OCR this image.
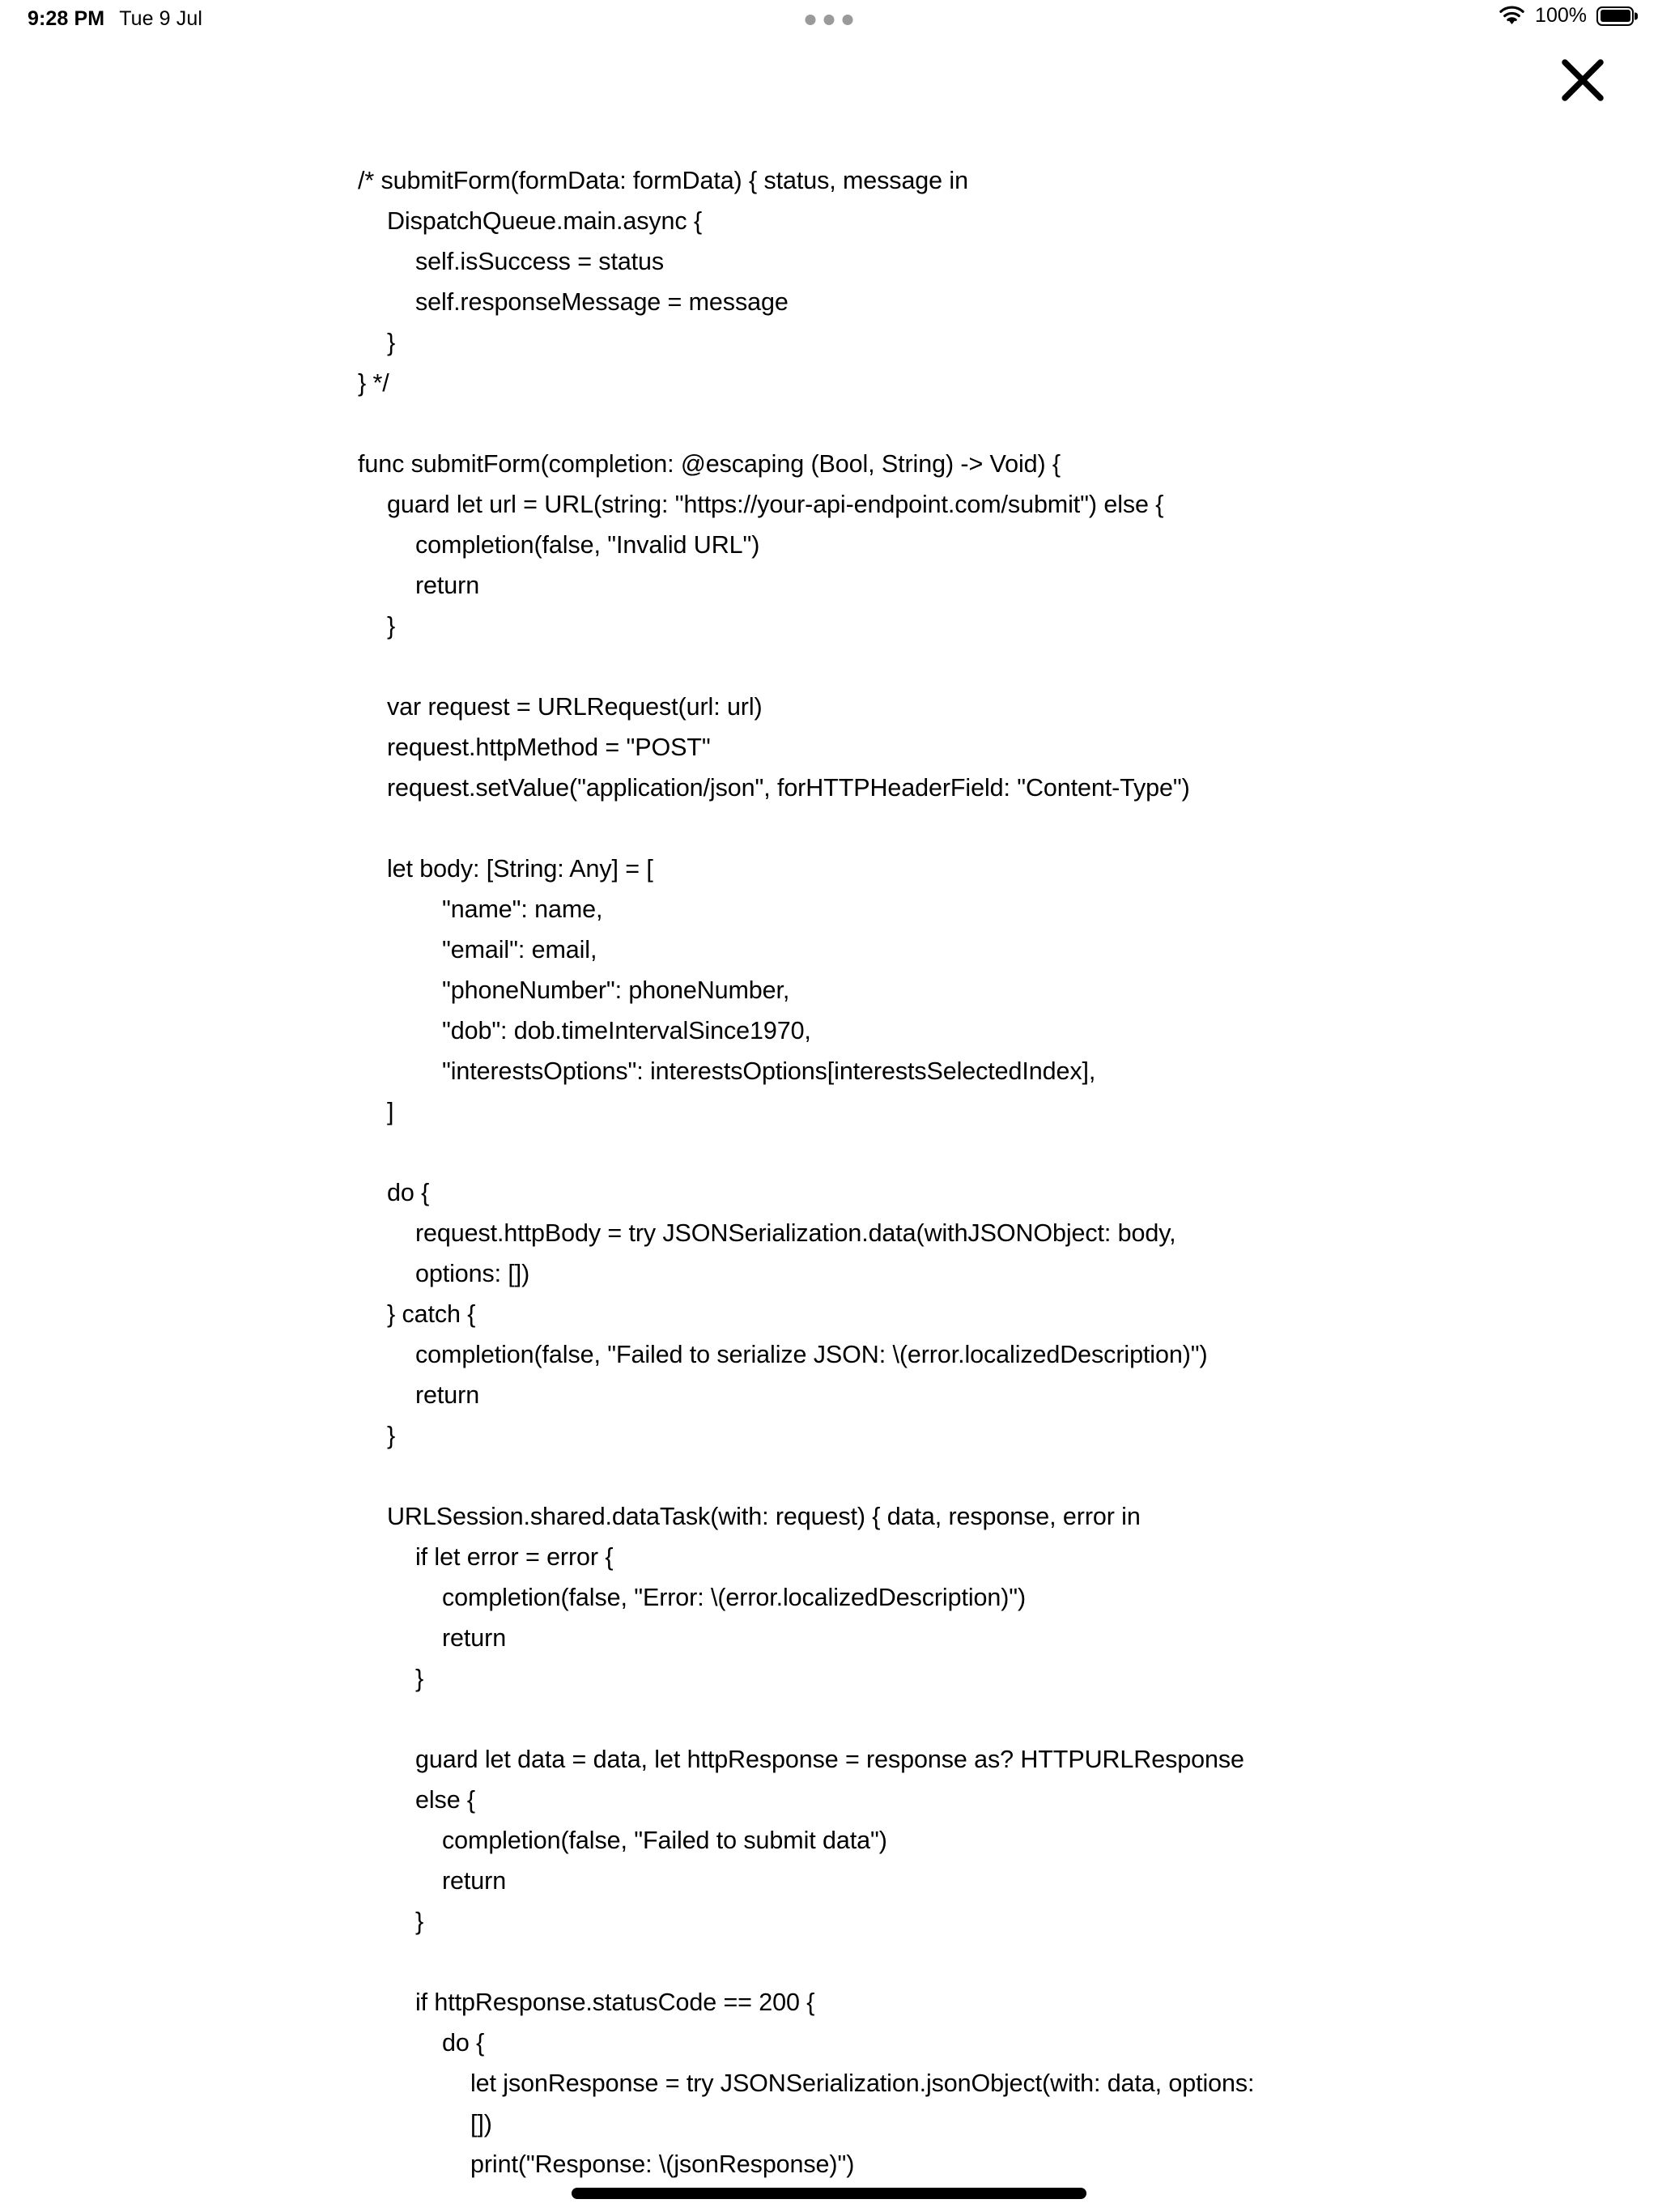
9:28 PM Tue 9 Jul	100%
/* submitForm(formData: formData) { status, message in
DispatchQueue.main.async {
self.isSuccess = status
self.responseMessage = message
}
} */
func submitForm(completion: @escaping (Bool, String) -> Void) {
guard let url = URL(string: "https://your-api-endpoint.com/submit") else {
completion(false, "Invalid URL")
return
}
var request = URLRequest(url: url)
request.httpMethod = "POST"
request.setValue("application/json", forHTTPHeaderField: "Content-Type")
let body: [String: Any] = [
"name": name,
"email": email,
"phoneNumber": phoneNumber,
"dob": dob.timeIntervalSince1970,
"interestsOptions": interestsOptions[interestsSelectedIndex],
]
do {
request.httpBody = try JSONSerialization.data(withJSONObject: body, options: [])
} catch {
completion(false, "Failed to serialize JSON: \(error.localizedDescription)")
return
}
URLSession.shared.dataTask(with: request) { data, response, error in
if let error = error {
completion(false, "Error: \(error.localizedDescription)")
return
}
guard let data = data, let httpResponse = response as? HTTPURLResponse else {
completion(false, "Failed to submit data")
return
}
if httpResponse.statusCode == 200 {
do {
let jsonResponse = try JSONSerialization.jsonObject(with: data, options: [])
print("Response: \(jsonResponse)")
